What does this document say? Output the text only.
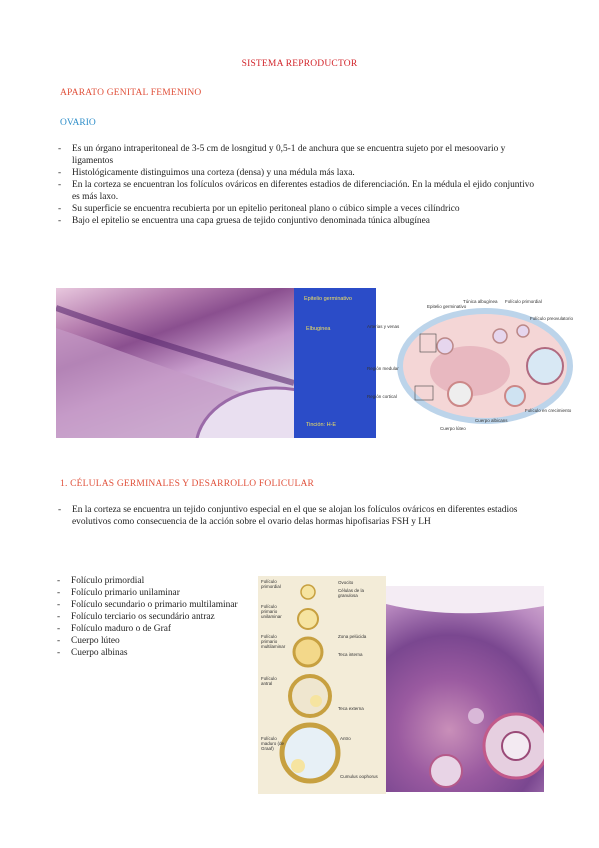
SISTEMA REPRODUCTOR
APARATO GENITAL FEMENINO
OVARIO
- Es un órgano intraperitoneal de 3-5 cm de losngitud y 0,5-1 de anchura que se encuentra sujeto por el mesoovario y ligamentos
- Histológicamente distinguimos una corteza (densa) y una médula más laxa.
- En la corteza se encuentran los folículos ováricos en diferentes estadios de diferenciación. En la médula el ejido conjuntivo es más laxo.
- Su superficie se encuentra recubierta por un epitelio peritoneal plano o cúbico simple a veces cilíndrico
- Bajo el epitelio se encuentra una capa gruesa de tejido conjuntivo denominada túnica albugínea
Epitelio germinativo
Elbuginea
Tinción: H-E
Epitelio germinativo
Túnica albugínea Folículo primordial
Folículo preovulatorio
Arterias y venas
Región medular
Región cortical
Cuerpo albicans
Folículo en crecimiento
Cuerpo lúteo
1. CÉLULAS GERMINALES Y DESARROLLO FOLICULAR
- En la corteza se encuentra un tejido conjuntivo especial en el que se alojan los folículos ováricos en diferentes estadios evolutivos como consecuencia de la acción sobre el ovario delas hormas hipofisarias FSH y LH
- Folículo primordial
- Folículo primario unilaminar
- Folículo secundario o primario multilaminar
- Folículo terciario os secundário antraz
- Folículo maduro o de Graf
- Cuerpo lúteo
- Cuerpo albinas
Folículo primordial
Folículo primario unilaminar
Folículo primario multilaminar
Folículo antral
Folículo maduro (de Graaf)
Ovocito
Células de la granulosa
Zona pelúcida
Teca interna
Teca externa
Antro
Cumulus oophorus
